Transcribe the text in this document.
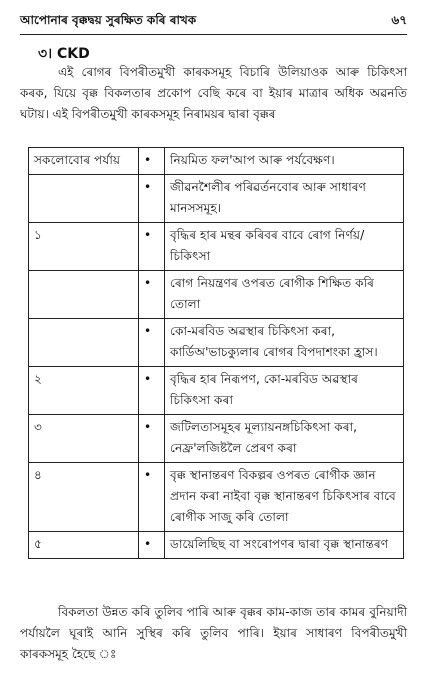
আপোনাৰ বৃক্কদ্বয় সুৰক্ষিত কৰি ৰাখক	৬৭
৩। CKD
এই ৰোগৰ বিপৰীতমুখী কাৰকসমূহ বিচাৰি উলিয়াওক আৰু চিকিৎসা কৰক, যিয়ে বৃক্ক বিকলতাৰ প্ৰকোপ বেছি কৰে বা ইয়াৰ মাত্ৰাৰ অধিক অৱনতি ঘটায়। এই বিপৰীতমুখী কাৰকসমূহ নিৰাময়ৰ দ্বাৰা বৃক্কৰ
সকলোবোৰ পৰ্যায়	•	নিয়মিত ফল'আপ আৰু পৰ্যবেক্ষণ।
	•	জীৱনশৈলীৰ পৰিৱৰ্তনবোৰ আৰু সাধাৰণ মানসসমূহ।
১	•	বৃদ্ধিৰ হাৰ মন্থৰ কৰিবৰ বাবে ৰোগ নিৰ্ণয়/চিকিৎসা
	•	ৰোগ নিয়ন্ত্ৰণৰ ওপৰত ৰোগীক শিক্ষিত কৰি তোলা
	•	কো-মৰবিড অৱস্থাৰ চিকিৎসা কৰা, কাৰ্ডিঅ'ভাচক্যুলাৰ ৰোগৰ বিপদাশংকা হ্ৰাস।
২	•	বৃদ্ধিৰ হাৰ নিৰূপণ, কো-মৰবিড অৱস্থাৰ চিকিৎসা কৰা
৩	•	জটিলতাসমূহৰ মূল্যায়নঙ্গচিকিৎসা কৰা, নেফ্ৰ'লজিষ্টলৈ প্ৰেৰণ কৰা
৪	•	বৃক্ক স্থানান্তৰণ বিকল্পৰ ওপৰত ৰোগীক জ্ঞান প্ৰদান কৰা নাইবা বৃক্ক স্থানান্তৰণ চিকিৎসাৰ বাবে ৰোগীক সাজু কৰি তোলা
৫	•	ডায়েলিছিছ বা সংৰোপণৰ দ্বাৰা বৃক্ক স্থানান্তৰণ
বিকলতা উন্নত কৰি তুলিব পাৰি আৰু বৃক্কৰ কাম-কাজ তাৰ কামৰ বুনিয়াদী পৰ্যায়লৈ ঘূৰাই আনি সুস্থিৰ কৰি তুলিব পাৰি। ইয়াৰ সাধাৰণ বিপৰীতমুখী কাৰকসমূহ হৈছে ঃ
